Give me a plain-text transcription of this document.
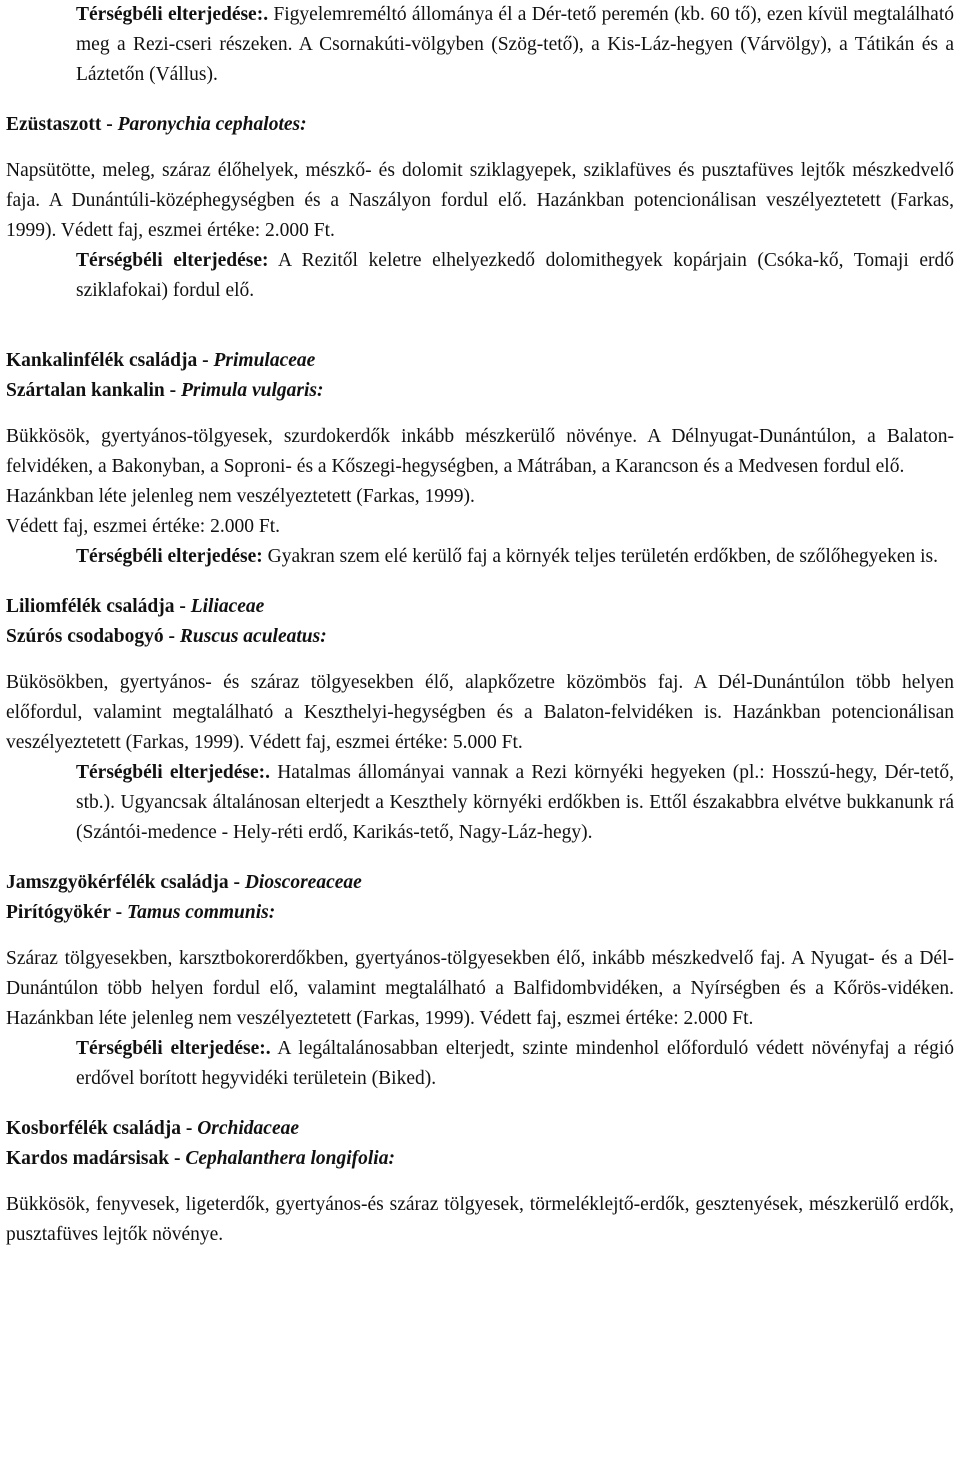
Térségbéli elterjedése:. Figyelemreméltó állománya él a Dér-tető peremén (kb. 60 tő), ezen kívül megtalálható meg a Rezi-cseri részeken. A Csornakúti-völgyben (Szög-tető), a Kis-Láz-hegyen (Várvölgy), a Tátikán és a Láztetőn (Vállus).

Ezüstaszott - Paronychia cephalotes:

Napsütötte, meleg, száraz élőhelyek, mészkő- és dolomit sziklagyepek, sziklafüves és pusztafüves lejtők mészkedvelő faja. A Dunántúli-középhegységben és a Naszályon fordul elő. Hazánkban potencionálisan veszélyeztetett (Farkas, 1999). Védett faj, eszmei értéke: 2.000 Ft.

Térségbéli elterjedése: A Rezitől keletre elhelyezkedő dolomithegyek kopárjain (Csóka-kő, Tomaji erdő sziklafokai) fordul elő.

Kankalinfélék családja - Primulaceae

Szártalan kankalin - Primula vulgaris:

Bükkösök, gyertyános-tölgyesek, szurdokerdők inkább mészkerülő növénye. A Délnyugat-Dunántúlon, a Balaton-felvidéken, a Bakonyban, a Soproni- és a Kőszegi-hegységben, a Mátrában, a Karancson és a Medvesen fordul elő.

Hazánkban léte jelenleg nem veszélyeztetett (Farkas, 1999).

Védett faj, eszmei értéke: 2.000 Ft.

Térségbéli elterjedése: Gyakran szem elé kerülő faj a környék teljes területén erdőkben, de szőlőhegyeken is.

Liliomfélék családja - Liliaceae

Szúrós csodabogyó - Ruscus aculeatus:

Bükösökben, gyertyános- és száraz tölgyesekben élő, alapkőzetre közömbös faj. A Dél-Dunántúlon több helyen előfordul, valamint megtalálható a Keszthelyi-hegységben és a Balaton-felvidéken is. Hazánkban potencionálisan veszélyeztetett (Farkas, 1999). Védett faj, eszmei értéke: 5.000 Ft.

Térségbéli elterjedése:. Hatalmas állományai vannak a Rezi környéki hegyeken (pl.: Hosszú-hegy, Dér-tető, stb.). Ugyancsak általánosan elterjedt a Keszthely környéki erdőkben is. Ettől északabbra elvétve bukkanunk rá (Szántói-medence - Hely-réti erdő, Karikás-tető, Nagy-Láz-hegy).

Jamszgyökérfélék családja - Dioscoreaceae

Pirítógyökér - Tamus communis:

Száraz tölgyesekben, karsztbokorerdőkben, gyertyános-tölgyesekben élő, inkább mészkedvelő faj. A Nyugat- és a Dél-Dunántúlon több helyen fordul elő, valamint megtalálható a Balfidombvidéken, a Nyírségben és a Kőrös-vidéken. Hazánkban léte jelenleg nem veszélyeztetett (Farkas, 1999). Védett faj, eszmei értéke: 2.000 Ft.

Térségbéli elterjedése:. A legáltalánosabban elterjedt, szinte mindenhol előforduló védett növényfaj a régió erdővel borított hegyvidéki területein (Biked).

Kosborfélék családja - Orchidaceae

Kardos madársisak - Cephalanthera longifolia:

Bükkösök, fenyvesek, ligeterdők, gyertyános-és száraz tölgyesek, törmeléklejtő-erdők, gesztenyések, mészkerülő erdők, pusztafüves lejtők növénye.
